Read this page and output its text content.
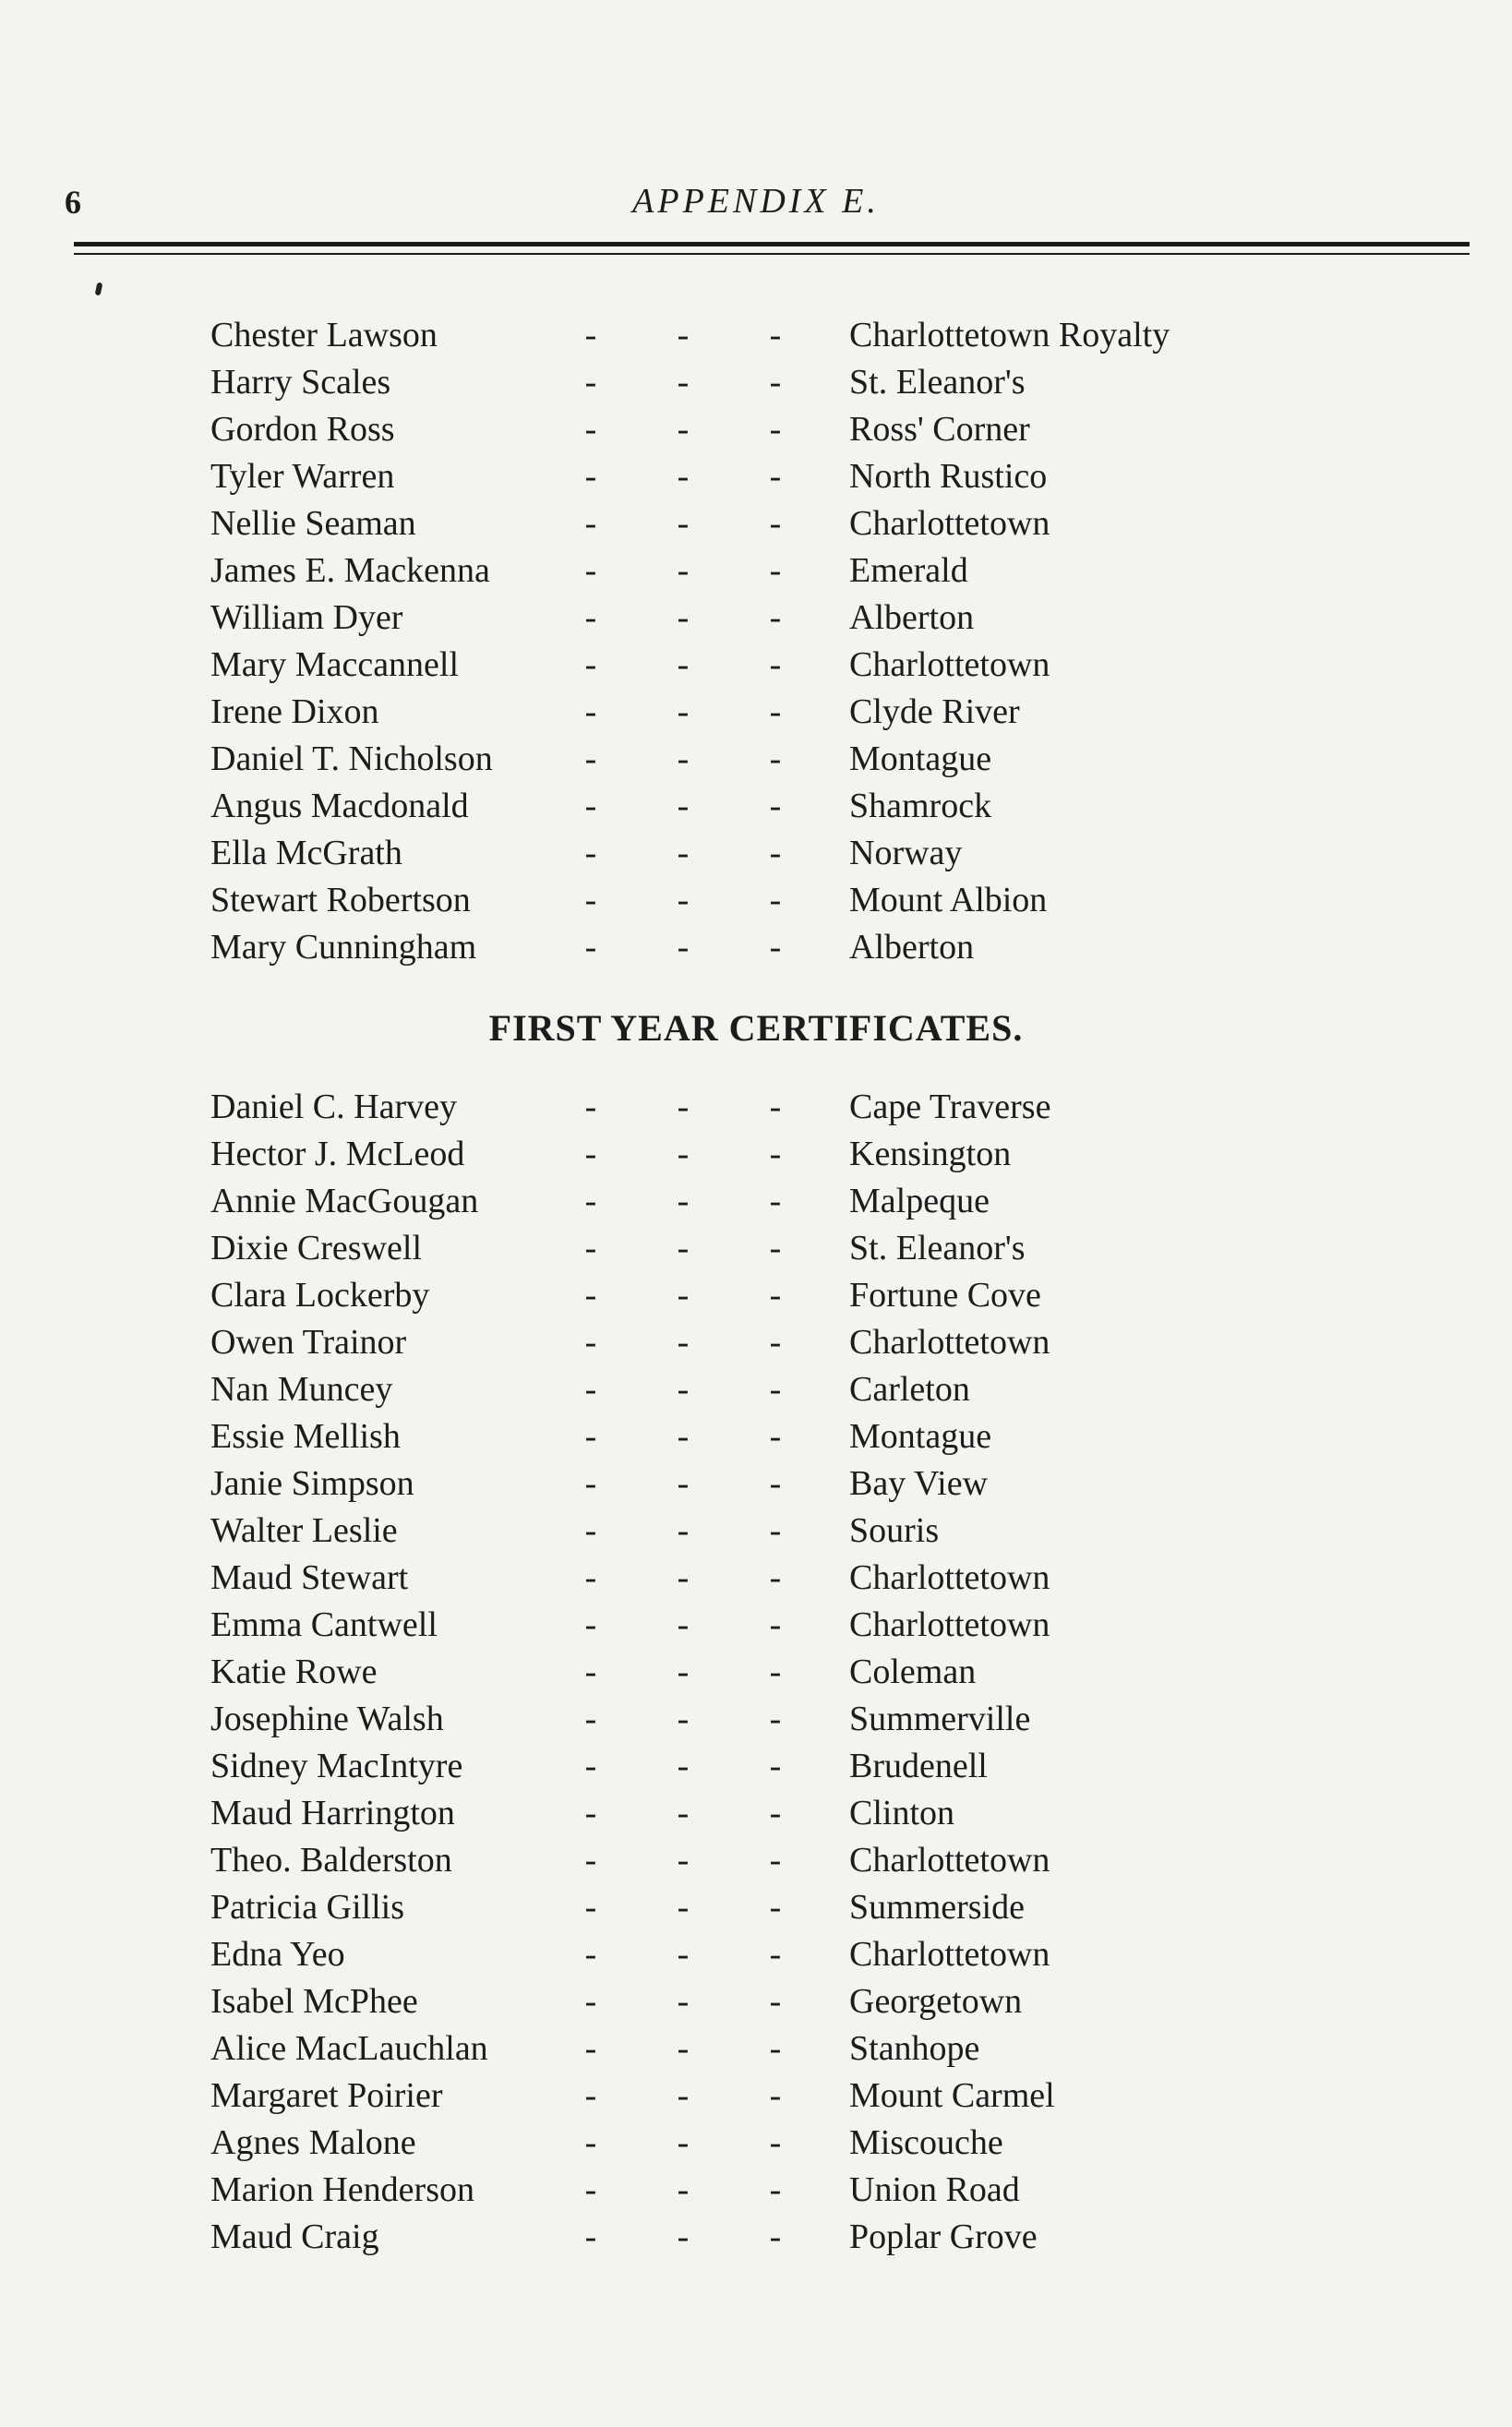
6	APPENDIX E.
Chester Lawson	-	-	-	Charlottetown Royalty
Harry Scales	-	-	-	St. Eleanor's
Gordon Ross	-	-	-	Ross' Corner
Tyler Warren	-	-	-	North Rustico
Nellie Seaman	-	-	-	Charlottetown
James E. Mackenna	-	-	-	Emerald
William Dyer	-	-	-	Alberton
Mary Maccannell	-	-	-	Charlottetown
Irene Dixon	-	-	-	Clyde River
Daniel T. Nicholson	-	-	-	Montague
Angus Macdonald	-	-	-	Shamrock
Ella McGrath	-	-	-	Norway
Stewart Robertson	-	-	-	Mount Albion
Mary Cunningham	-	-	-	Alberton
FIRST YEAR CERTIFICATES.
Daniel C. Harvey	-	-	-	Cape Traverse
Hector J. McLeod	-	-	-	Kensington
Annie MacGougan	-	-	-	Malpeque
Dixie Creswell	-	-	-	St. Eleanor's
Clara Lockerby	-	-	-	Fortune Cove
Owen Trainor	-	-	-	Charlottetown
Nan Muncey	-	-	-	Carleton
Essie Mellish	-	-	-	Montague
Janie Simpson	-	-	-	Bay View
Walter Leslie	-	-	-	Souris
Maud Stewart	-	-	-	Charlottetown
Emma Cantwell	-	-	-	Charlottetown
Katie Rowe	-	-	-	Coleman
Josephine Walsh	-	-	-	Summerville
Sidney MacIntyre	-	-	-	Brudenell
Maud Harrington	-	-	-	Clinton
Theo. Balderston	-	-	-	Charlottetown
Patricia Gillis	-	-	-	Summerside
Edna Yeo	-	-	-	Charlottetown
Isabel McPhee	-	-	-	Georgetown
Alice MacLauchlan	-	-	-	Stanhope
Margaret Poirier	-	-	-	Mount Carmel
Agnes Malone	-	-	-	Miscouche
Marion Henderson	-	-	-	Union Road
Maud Craig	-	-	-	Poplar Grove
